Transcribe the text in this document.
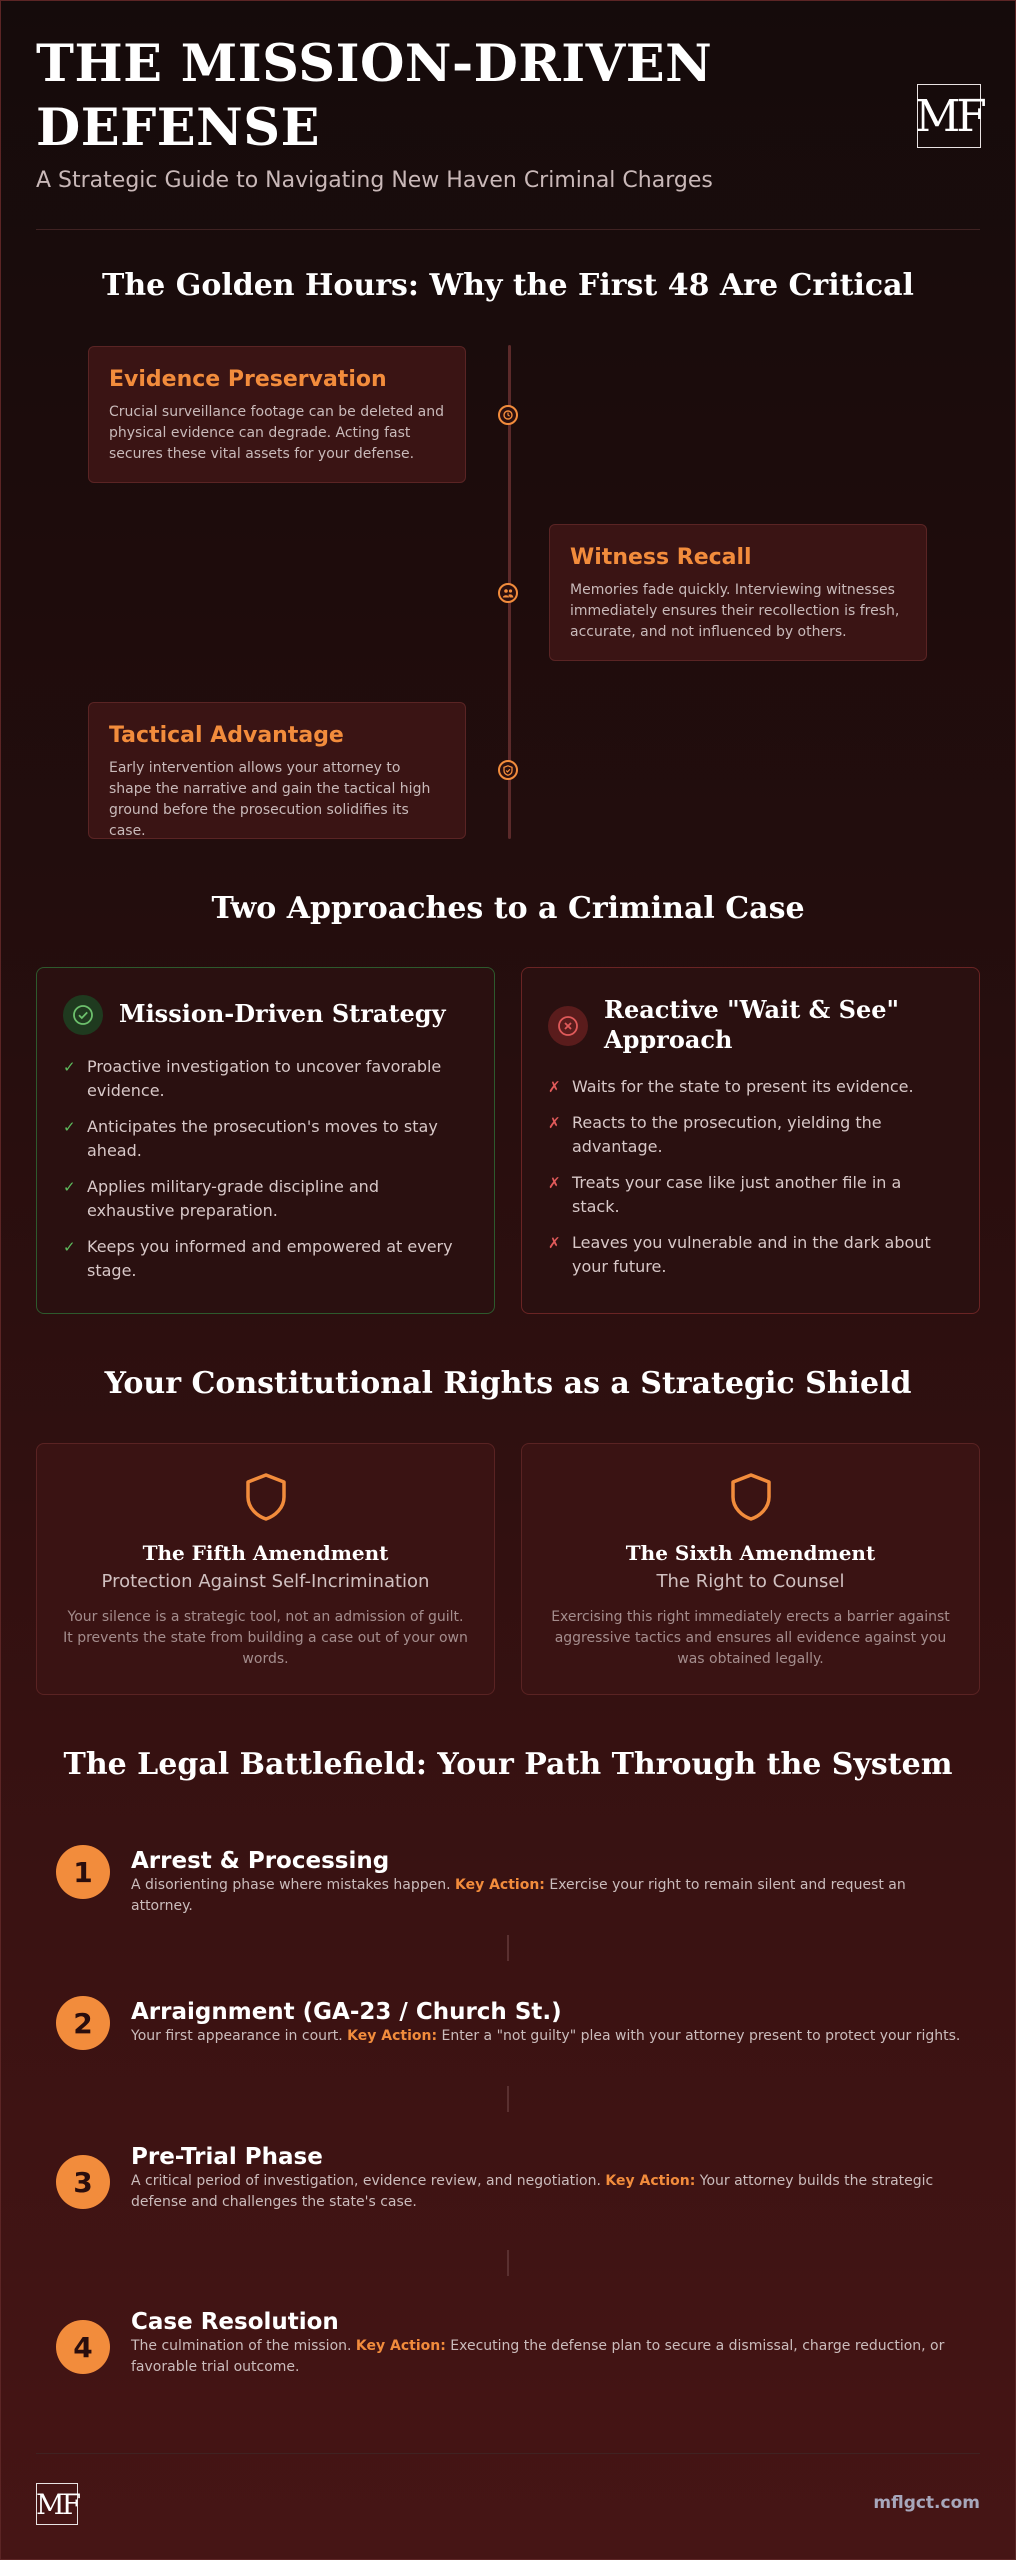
THE MISSION-DRIVEN DEFENSE
A Strategic Guide to Navigating New Haven Criminal Charges
MF
The Golden Hours: Why the First 48 Are Critical
Evidence Preservation

Crucial surveillance footage can be deleted and physical evidence can degrade. Acting fast secures these vital assets for your defense.

Witness Recall

Memories fade quickly. Interviewing witnesses immediately ensures their recollection is fresh, accurate, and not influenced by others.

Tactical Advantage

Early intervention allows your attorney to shape the narrative and gain the tactical high ground before the prosecution solidifies its case.

Two Approaches to a Criminal Case
Mission-Driven Strategy
✓ Proactive investigation to uncover favorable evidence.
✓ Anticipates the prosecution's moves to stay ahead.
✓ Applies military-grade discipline and exhaustive preparation.
✓ Keeps you informed and empowered at every stage.
Reactive "Wait & See" Approach
✗ Waits for the state to present its evidence.
✗ Reacts to the prosecution, yielding the advantage.
✗ Treats your case like just another file in a stack.
✗ Leaves you vulnerable and in the dark about your future.
Your Constitutional Rights as a Strategic Shield
The Fifth Amendment
Protection Against Self-Incrimination
Your silence is a strategic tool, not an admission of guilt. It prevents the state from building a case out of your own words.
The Sixth Amendment
The Right to Counsel
Exercising this right immediately erects a barrier against aggressive tactics and ensures all evidence against you was obtained legally.
The Legal Battlefield: Your Path Through the System
1	Arrest & Processing
A disorienting phase where mistakes happen. Key Action: Exercise your right to remain silent and request an attorney.
2	Arraignment (GA-23 / Church St.)
Your first appearance in court. Key Action: Enter a "not guilty" plea with your attorney present to protect your rights.
3
Pre-Trial Phase
A critical period of investigation, evidence review, and negotiation. Key Action: Your attorney builds the strategic defense and challenges the state's case.
4
Case Resolution
The culmination of the mission. Key Action: Executing the defense plan to secure a dismissal, charge reduction, or favorable trial outcome.
MF	mflgct.com
